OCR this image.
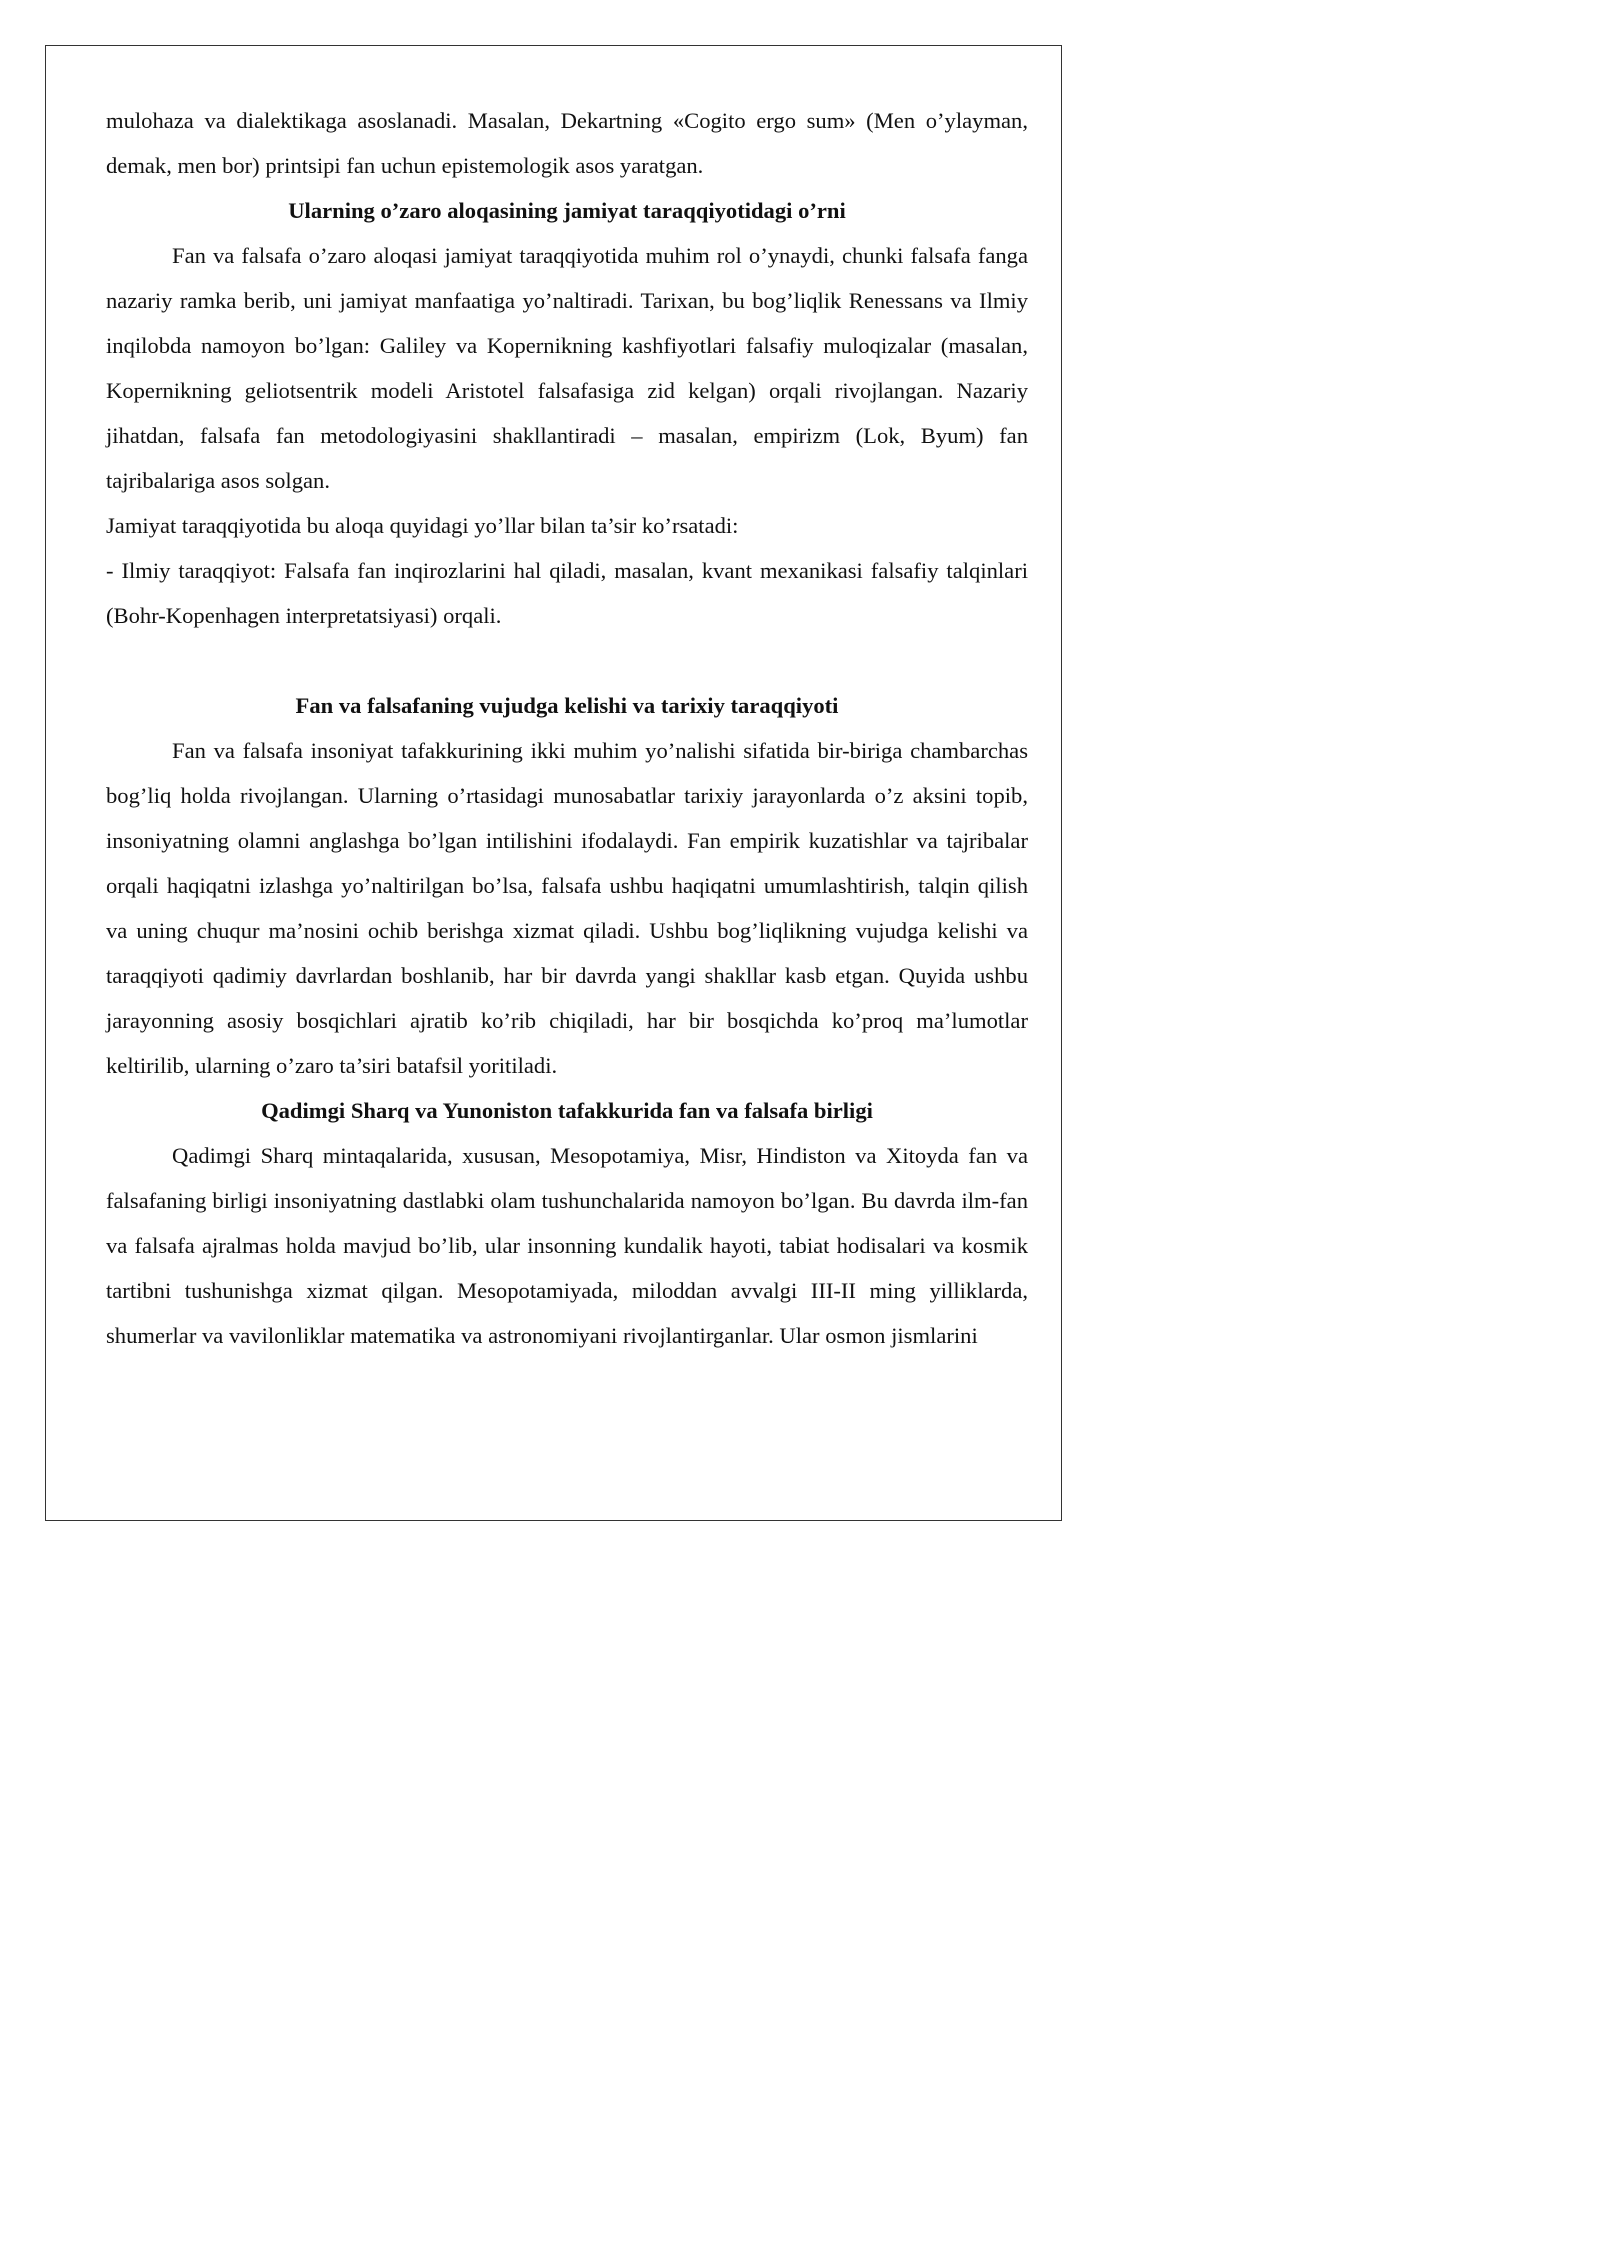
mulohaza va dialektikaga asoslanadi. Masalan, Dekartning «Cogito ergo sum» (Men o’ylayman, demak, men bor) printsipi fan uchun epistemologik asos yaratgan.

Ularning o’zaro aloqasining jamiyat taraqqiyotidagi o’rni

Fan va falsafa o’zaro aloqasi jamiyat taraqqiyotida muhim rol o’ynaydi, chunki falsafa fanga nazariy ramka berib, uni jamiyat manfaatiga yo’naltiradi. Tarixan, bu bog’liqlik Renessans va Ilmiy inqilobda namoyon bo’lgan: Galiley va Kopernikning kashfiyotlari falsafiy muloqizalar (masalan, Kopernikning geliotsentrik modeli Aristotel falsafasiga zid kelgan) orqali rivojlangan. Nazariy jihatdan, falsafa fan metodologiyasini shakllantiradi – masalan, empirizm (Lok, Byum) fan tajribalariga asos solgan.

Jamiyat taraqqiyotida bu aloqa quyidagi yo’llar bilan ta’sir ko’rsatadi:

- Ilmiy taraqqiyot: Falsafa fan inqirozlarini hal qiladi, masalan, kvant mexanikasi falsafiy talqinlari (Bohr-Kopenhagen interpretatsiyasi) orqali.

Fan va falsafaning vujudga kelishi va tarixiy taraqqiyoti

Fan va falsafa insoniyat tafakkurining ikki muhim yo’nalishi sifatida bir-biriga chambarchas bog’liq holda rivojlangan. Ularning o’rtasidagi munosabatlar tarixiy jarayonlarda o’z aksini topib, insoniyatning olamni anglashga bo’lgan intilishini ifodalaydi. Fan empirik kuzatishlar va tajribalar orqali haqiqatni izlashga yo’naltirilgan bo’lsa, falsafa ushbu haqiqatni umumlashtirish, talqin qilish va uning chuqur ma’nosini ochib berishga xizmat qiladi. Ushbu bog’liqlikning vujudga kelishi va taraqqiyoti qadimiy davrlardan boshlanib, har bir davrda yangi shakllar kasb etgan. Quyida ushbu jarayonning asosiy bosqichlari ajratib ko’rib chiqiladi, har bir bosqichda ko’proq ma’lumotlar keltirilib, ularning o’zaro ta’siri batafsil yoritiladi.

Qadimgi Sharq va Yunoniston tafakkurida fan va falsafa birligi

Qadimgi Sharq mintaqalarida, xususan, Mesopotamiya, Misr, Hindiston va Xitoyda fan va falsafaning birligi insoniyatning dastlabki olam tushunchalarida namoyon bo’lgan. Bu davrda ilm-fan va falsafa ajralmas holda mavjud bo’lib, ular insonning kundalik hayoti, tabiat hodisalari va kosmik tartibni tushunishga xizmat qilgan. Mesopotamiyada, miloddan avvalgi III-II ming yilliklarda, shumerlar va vavilonliklar matematika va astronomiyani rivojlantirganlar. Ular osmon jismlarini
